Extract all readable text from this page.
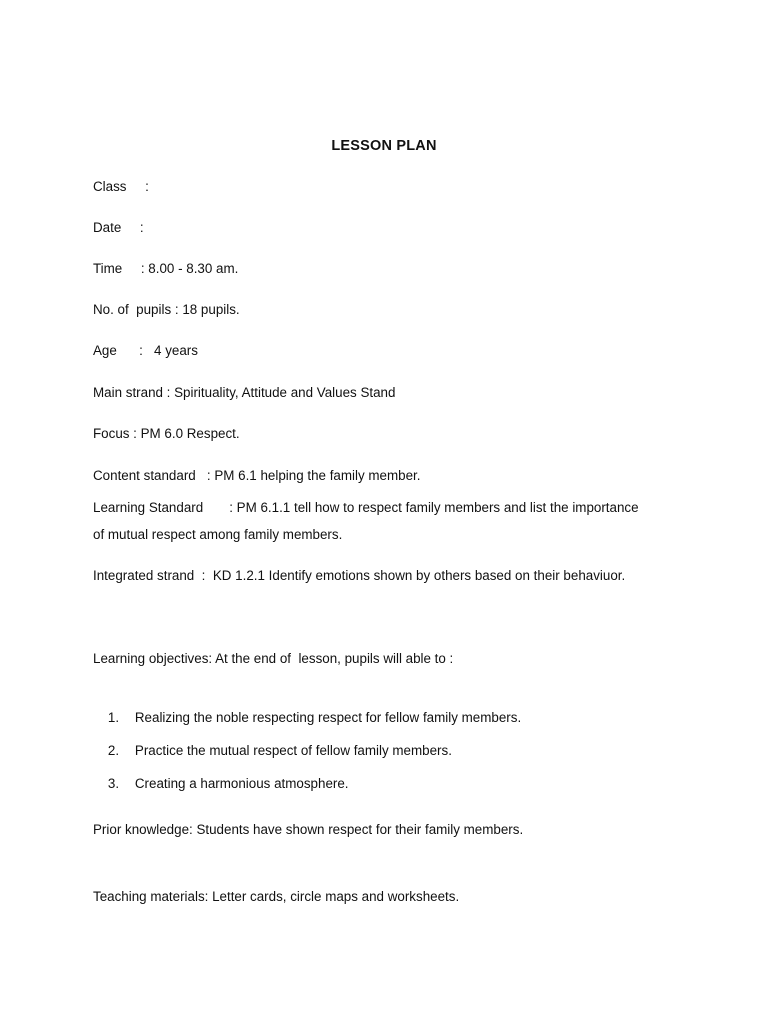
LESSON PLAN
Class     :
Date     :
Time     : 8.00 - 8.30 am.
No. of  pupils : 18 pupils.
Age      :   4 years
Main strand : Spirituality, Attitude and Values Stand
Focus : PM 6.0 Respect.
Content standard   : PM 6.1 helping the family member.
Learning Standard       : PM 6.1.1 tell how to respect family members and list the importance
of mutual respect among family members.
Integrated strand  :  KD 1.2.1 Identify emotions shown by others based on their behaviuor.
Learning objectives: At the end of  lesson, pupils will able to :

1. Realizing the noble respecting respect for fellow family members.

2. Practice the mutual respect of fellow family members.

3. Creating a harmonious atmosphere.

Prior knowledge: Students have shown respect for their family members.
Teaching materials: Letter cards, circle maps and worksheets.
